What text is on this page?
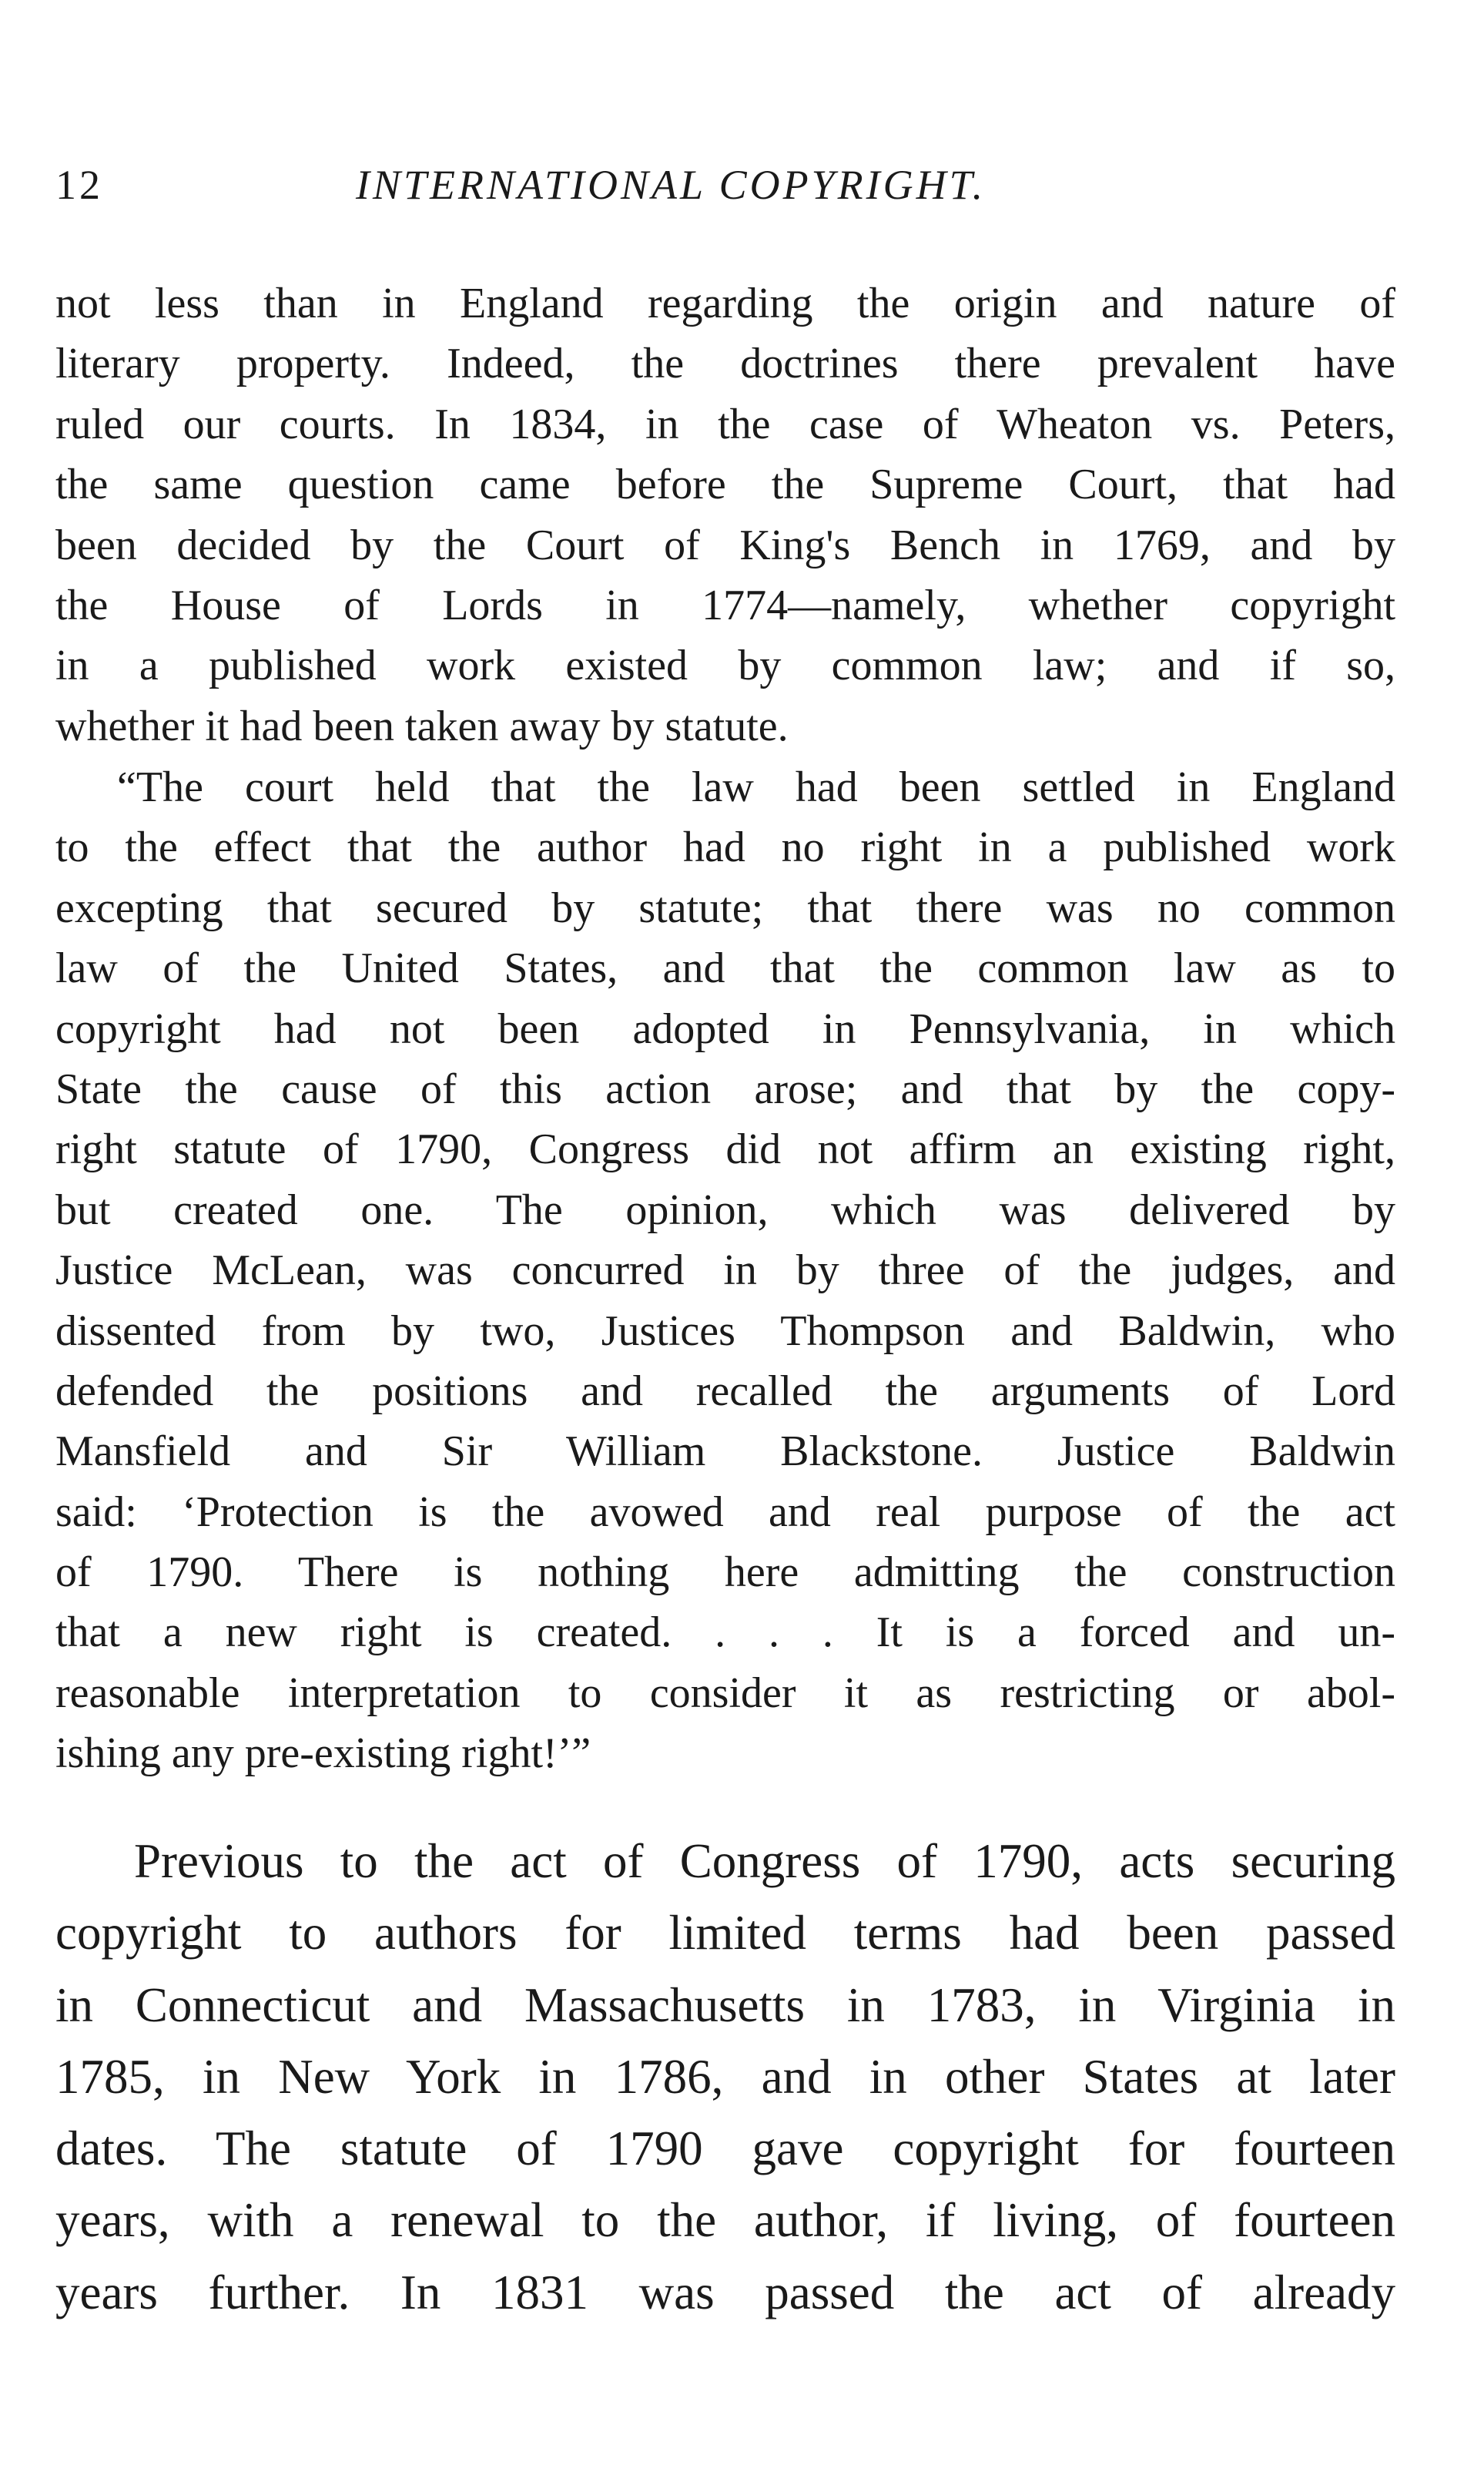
12	INTERNATIONAL COPYRIGHT.
not less than in England regarding the origin and nature of
literary property. Indeed, the doctrines there prevalent have
ruled our courts. In 1834, in the case of Wheaton vs. Peters,
the same question came before the Supreme Court, that had
been decided by the Court of King's Bench in 1769, and by
the House of Lords in 1774—namely, whether copyright
in a published work existed by common law; and if so,
whether it had been taken away by statute.
“The court held that the law had been settled in England
to the effect that the author had no right in a published work
excepting that secured by statute; that there was no common
law of the United States, and that the common law as to
copyright had not been adopted in Pennsylvania, in which
State the cause of this action arose; and that by the copy-
right statute of 1790, Congress did not affirm an existing right,
but created one. The opinion, which was delivered by
Justice McLean, was concurred in by three of the judges, and
dissented from by two, Justices Thompson and Baldwin, who
defended the positions and recalled the arguments of Lord
Mansfield and Sir William Blackstone. Justice Baldwin
said: ‘Protection is the avowed and real purpose of the act
of 1790. There is nothing here admitting the construction
that a new right is created. . . . It is a forced and un-
reasonable interpretation to consider it as restricting or abol-
ishing any pre-existing right!’”
Previous to the act of Congress of 1790, acts securing
copyright to authors for limited terms had been passed
in Connecticut and Massachusetts in 1783, in Virginia in
1785, in New York in 1786, and in other States at later
dates. The statute of 1790 gave copyright for fourteen
years, with a renewal to the author, if living, of fourteen
years further. In 1831 was passed the act of already
